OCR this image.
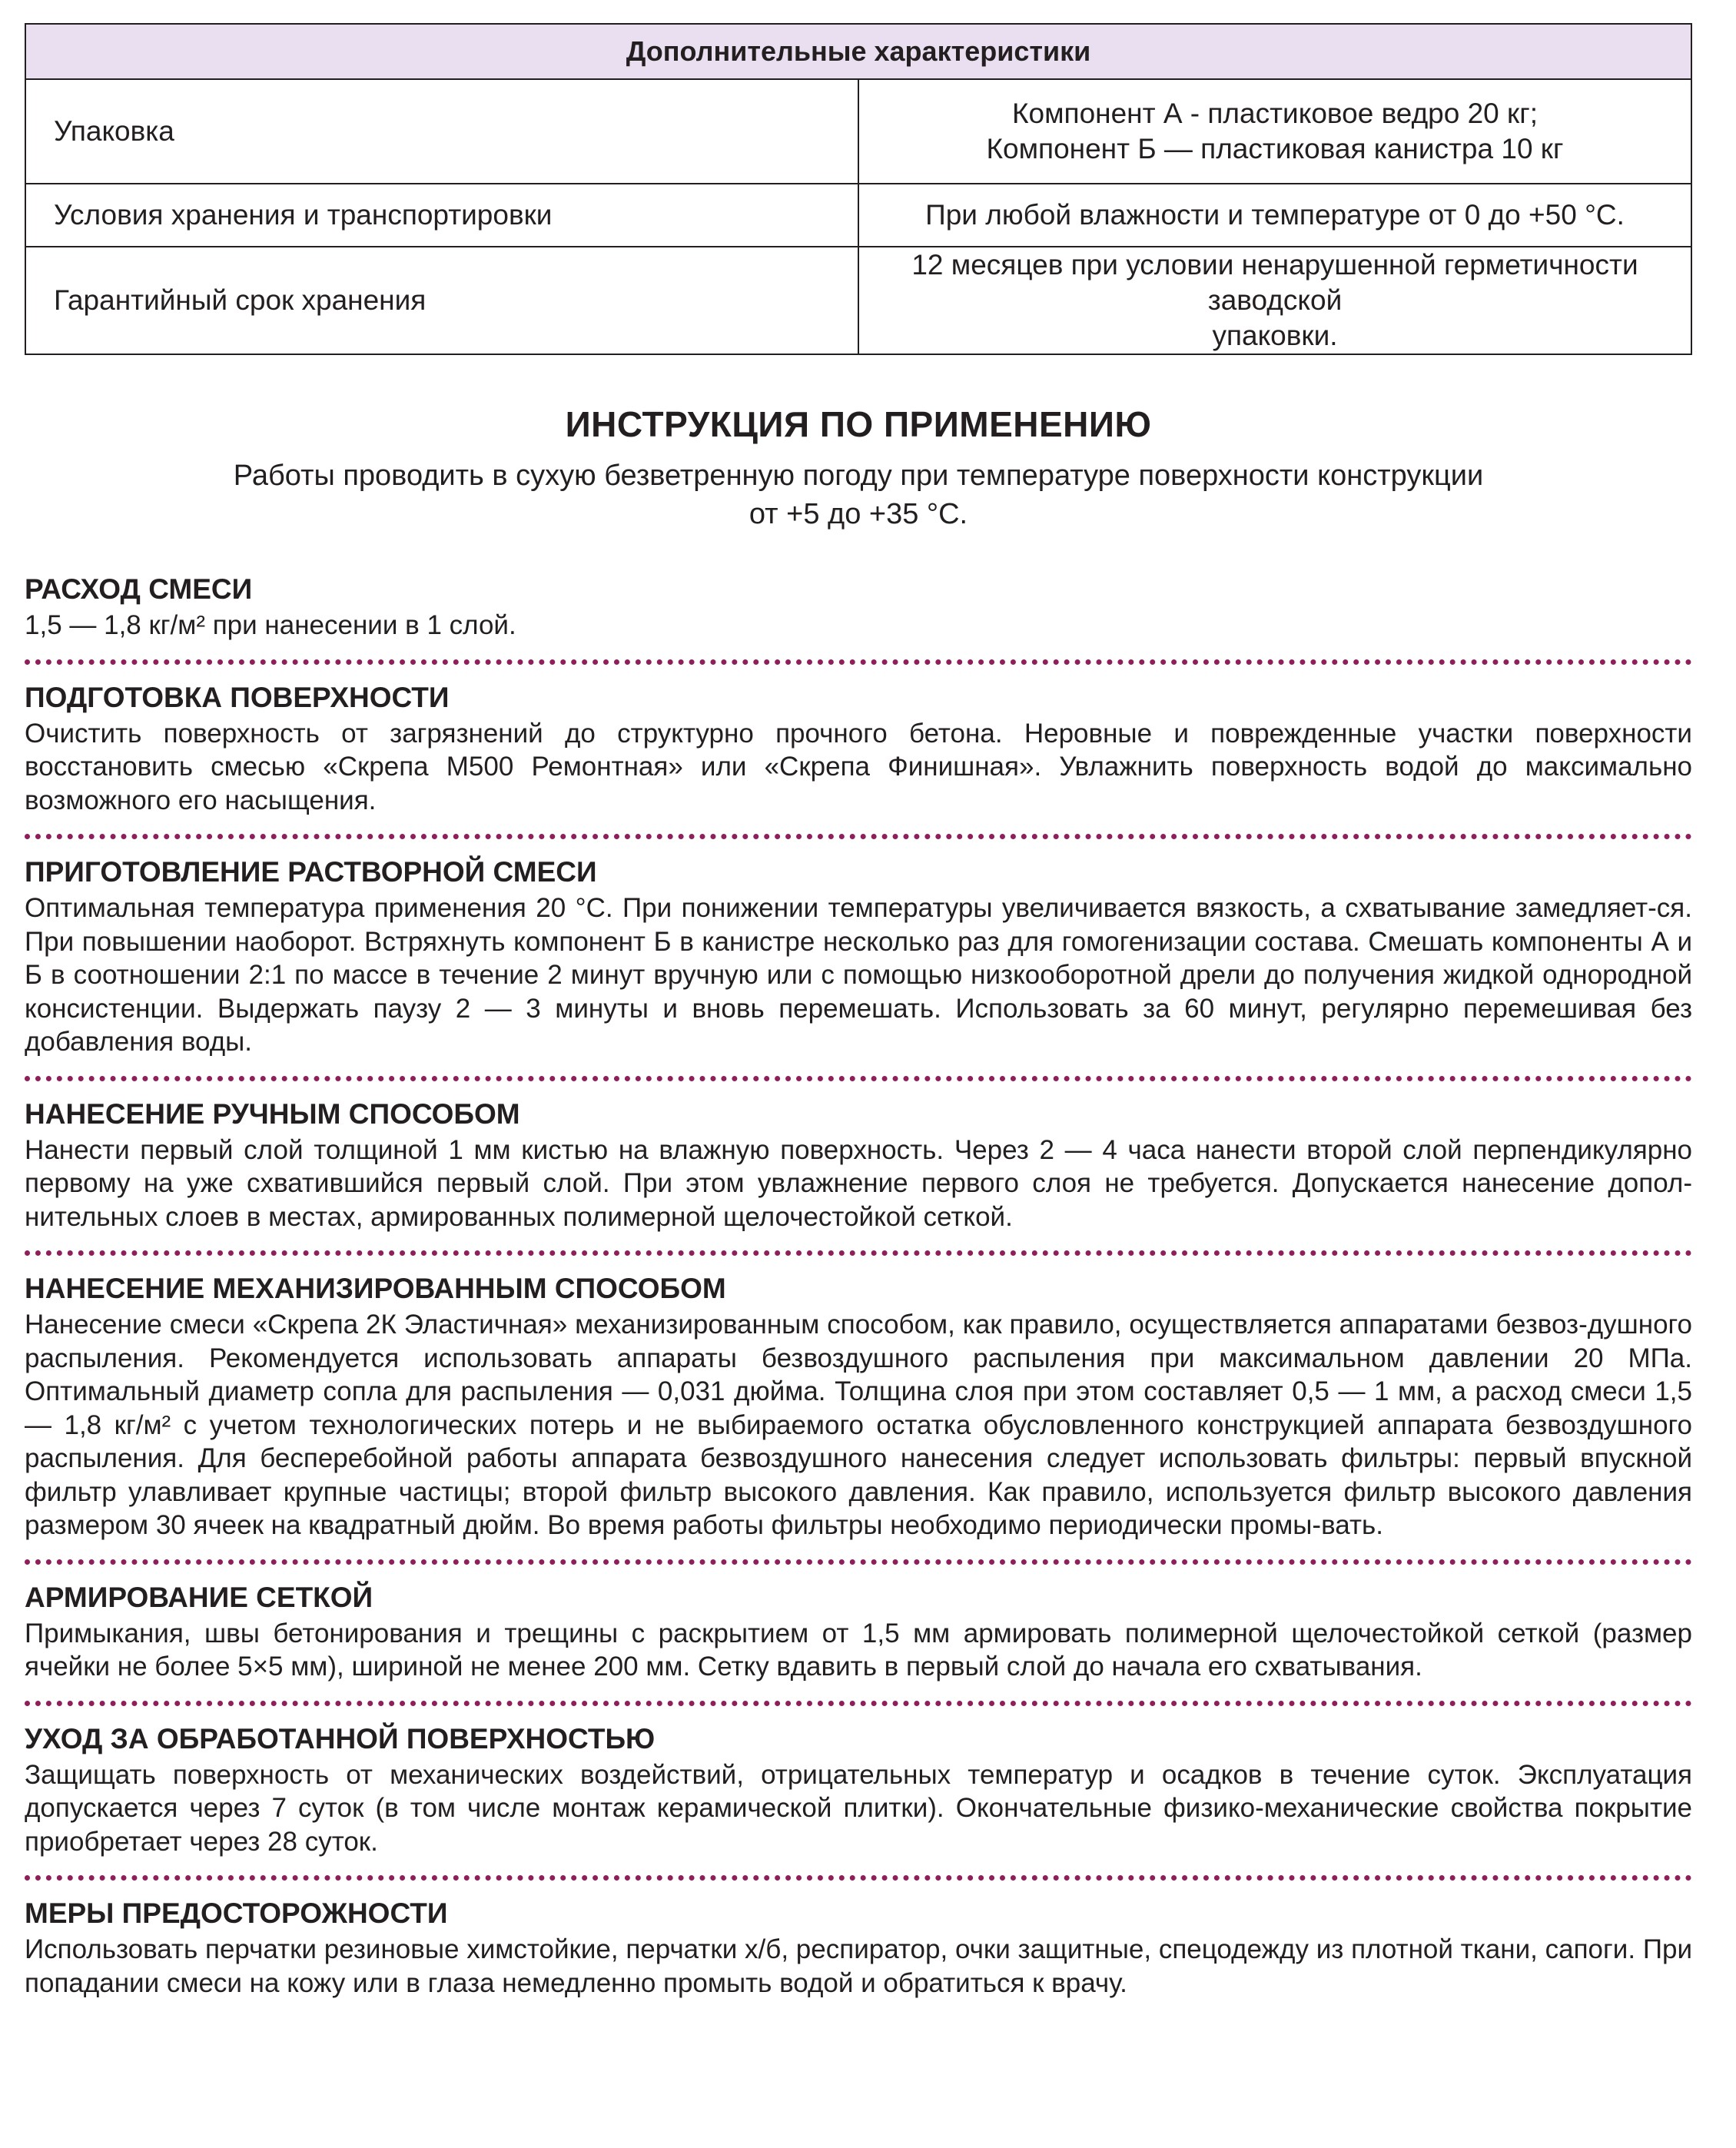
Дополнительные характеристики	
Упаковка	Компонент А - пластиковое ведро 20 кг;
Компонент Б — пластиковая канистра 10 кг

Условия хранения и транспортировки	При любой влажности и температуре от 0 до +50 °С.
Гарантийный срок хранения	12 месяцев при условии ненарушенной герметичности заводской
упаковки.
ИНСТРУКЦИЯ ПО ПРИМЕНЕНИЮ
Работы проводить в сухую безветренную погоду при температуре поверхности конструкции
от +5 до +35 °С.
РАСХОД СМЕСИ
1,5 — 1,8 кг/м² при нанесении в 1 слой.
ПОДГОТОВКА ПОВЕРХНОСТИ
Очистить поверхность от загрязнений до структурно прочного бетона. Неровные и поврежденные участки поверхности восстановить смесью «Скрепа М500 Ремонтная» или «Скрепа Финишная». Увлажнить поверхность водой до максимально возможного его насыщения.
ПРИГОТОВЛЕНИЕ РАСТВОРНОЙ СМЕСИ
Оптимальная температура применения 20 °С. При понижении температуры увеличивается вязкость, а схватывание замедляет-ся. При повышении наоборот. Встряхнуть компонент Б в канистре несколько раз для гомогенизации состава. Смешать компоненты А и Б в соотношении 2:1 по массе в течение 2 минут вручную или с помощью низкооборотной дрели до получения жидкой однородной консистенции. Выдержать паузу 2 — 3 минуты и вновь перемешать. Использовать за 60 минут, регулярно перемешивая без добавления воды.
НАНЕСЕНИЕ РУЧНЫМ СПОСОБОМ
Нанести первый слой толщиной 1 мм кистью на влажную поверхность. Через 2 — 4 часа нанести второй слой перпендикулярно первому на уже схватившийся первый слой. При этом увлажнение первого слоя не требуется. Допускается нанесение допол-нительных слоев в местах, армированных полимерной щелочестойкой сеткой.
НАНЕСЕНИЕ МЕХАНИЗИРОВАННЫМ СПОСОБОМ
Нанесение смеси «Скрепа 2К Эластичная» механизированным способом, как правило, осуществляется аппаратами безвоз-душного распыления. Рекомендуется использовать аппараты безвоздушного распыления при максимальном давлении 20 МПа. Оптимальный диаметр сопла для распыления — 0,031 дюйма. Толщина слоя при этом составляет 0,5 — 1 мм, а расход смеси 1,5 — 1,8 кг/м² с учетом технологических потерь и не выбираемого остатка обусловленного конструкцией аппарата безвоздушного распыления. Для бесперебойной работы аппарата безвоздушного нанесения следует использовать фильтры: первый впускной фильтр улавливает крупные частицы; второй фильтр высокого давления. Как правило, используется фильтр высокого давления размером 30 ячеек на квадратный дюйм. Во время работы фильтры необходимо периодически промы-вать.
АРМИРОВАНИЕ СЕТКОЙ
Примыкания, швы бетонирования и трещины с раскрытием от 1,5 мм армировать полимерной щелочестойкой сеткой (размер ячейки не более 5×5 мм), шириной не менее 200 мм. Сетку вдавить в первый слой до начала его схватывания.
УХОД ЗА ОБРАБОТАННОЙ ПОВЕРХНОСТЬЮ
Защищать поверхность от механических воздействий, отрицательных температур и осадков в течение суток. Эксплуатация допускается через 7 суток (в том числе монтаж керамической плитки). Окончательные физико-механические свойства покрытие приобретает через 28 суток.
МЕРЫ ПРЕДОСТОРОЖНОСТИ
Использовать перчатки резиновые химстойкие, перчатки х/б, респиратор, очки защитные, спецодежду из плотной ткани, сапоги. При попадании смеси на кожу или в глаза немедленно промыть водой и обратиться к врачу.
